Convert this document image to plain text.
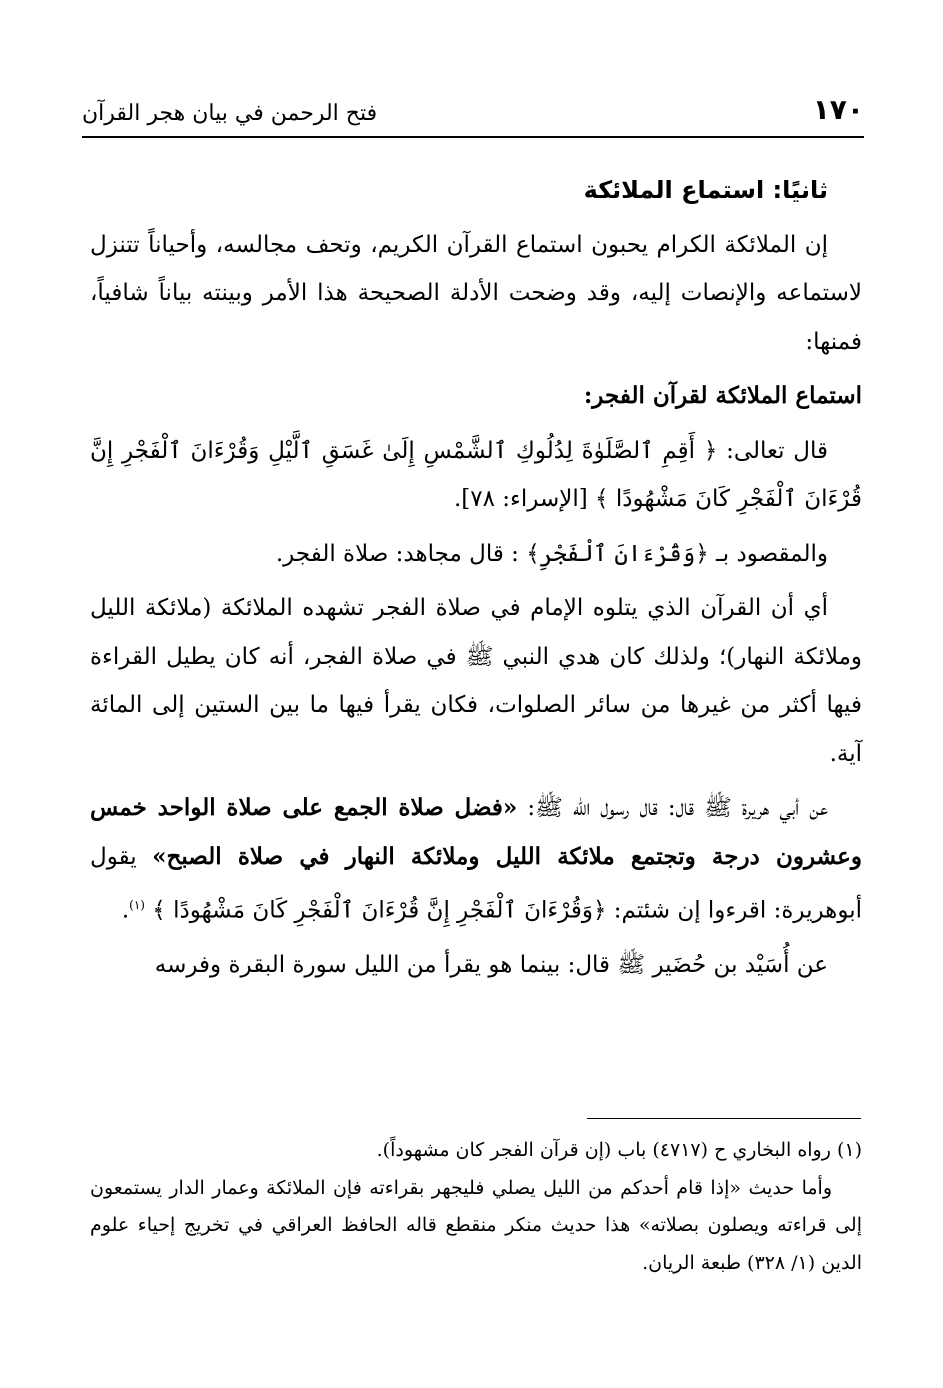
١٧٠
فتح الرحمن في بيان هجر القرآن

ثانيًا: استماع الملائكة

إن الملائكة الكرام يحبون استماع القرآن الكريم، وتحف مجالسه، وأحياناً تتنزل لاستماعه والإنصات إليه، وقد وضحت الأدلة الصحيحة هذا الأمر وبينته بياناً شافياً، فمنها:

استماع الملائكة لقرآن الفجر:

قال تعالى: ﴿ أَقِمِ ٱلصَّلَوٰةَ لِدُلُوكِ ٱلشَّمْسِ إِلَىٰ غَسَقِ ٱلَّيْلِ وَقُرْءَانَ ٱلْفَجْرِ إِنَّ قُرْءَانَ ٱلْفَجْرِ كَانَ مَشْهُودًا ﴾ [الإسراء: ٧٨].

والمقصود بـ ﴿وَقُرْءَانَ ٱلْفَجْرِ﴾ : قال مجاهد: صلاة الفجر.

أي أن القرآن الذي يتلوه الإمام في صلاة الفجر تشهده الملائكة (ملائكة الليل وملائكة النهار)؛ ولذلك كان هدي النبي ﷺ في صلاة الفجر، أنه كان يطيل القراءة فيها أكثر من غيرها من سائر الصلوات، فكان يقرأ فيها ما بين الستين إلى المائة آية.

عن أبي هريرة ﷺ قال: قال رسول الله ﷺ: «فضل صلاة الجمع على صلاة الواحد خمس وعشرون درجة وتجتمع ملائكة الليل وملائكة النهار في صلاة الصبح» يقول أبوهريرة: اقرءوا إن شئتم: ﴿وَقُرْءَانَ ٱلْفَجْرِ إِنَّ قُرْءَانَ ٱلْفَجْرِ كَانَ مَشْهُودًا ﴾ $^{(١)}$.

عن أُسَيْد بن حُضَير ﷺ قال: بينما هو يقرأ من الليل سورة البقرة وفرسه

(١) رواه البخاري ح (٤٧١٧) باب (إن قرآن الفجر كان مشهوداً).

وأما حديث «إذا قام أحدكم من الليل يصلي فليجهر بقراءته فإن الملائكة وعمار الدار يستمعون إلى قراءته ويصلون بصلاته» هذا حديث منكر منقطع قاله الحافظ العراقي في تخريج إحياء علوم الدين (١/ ٣٢٨) طبعة الريان.
